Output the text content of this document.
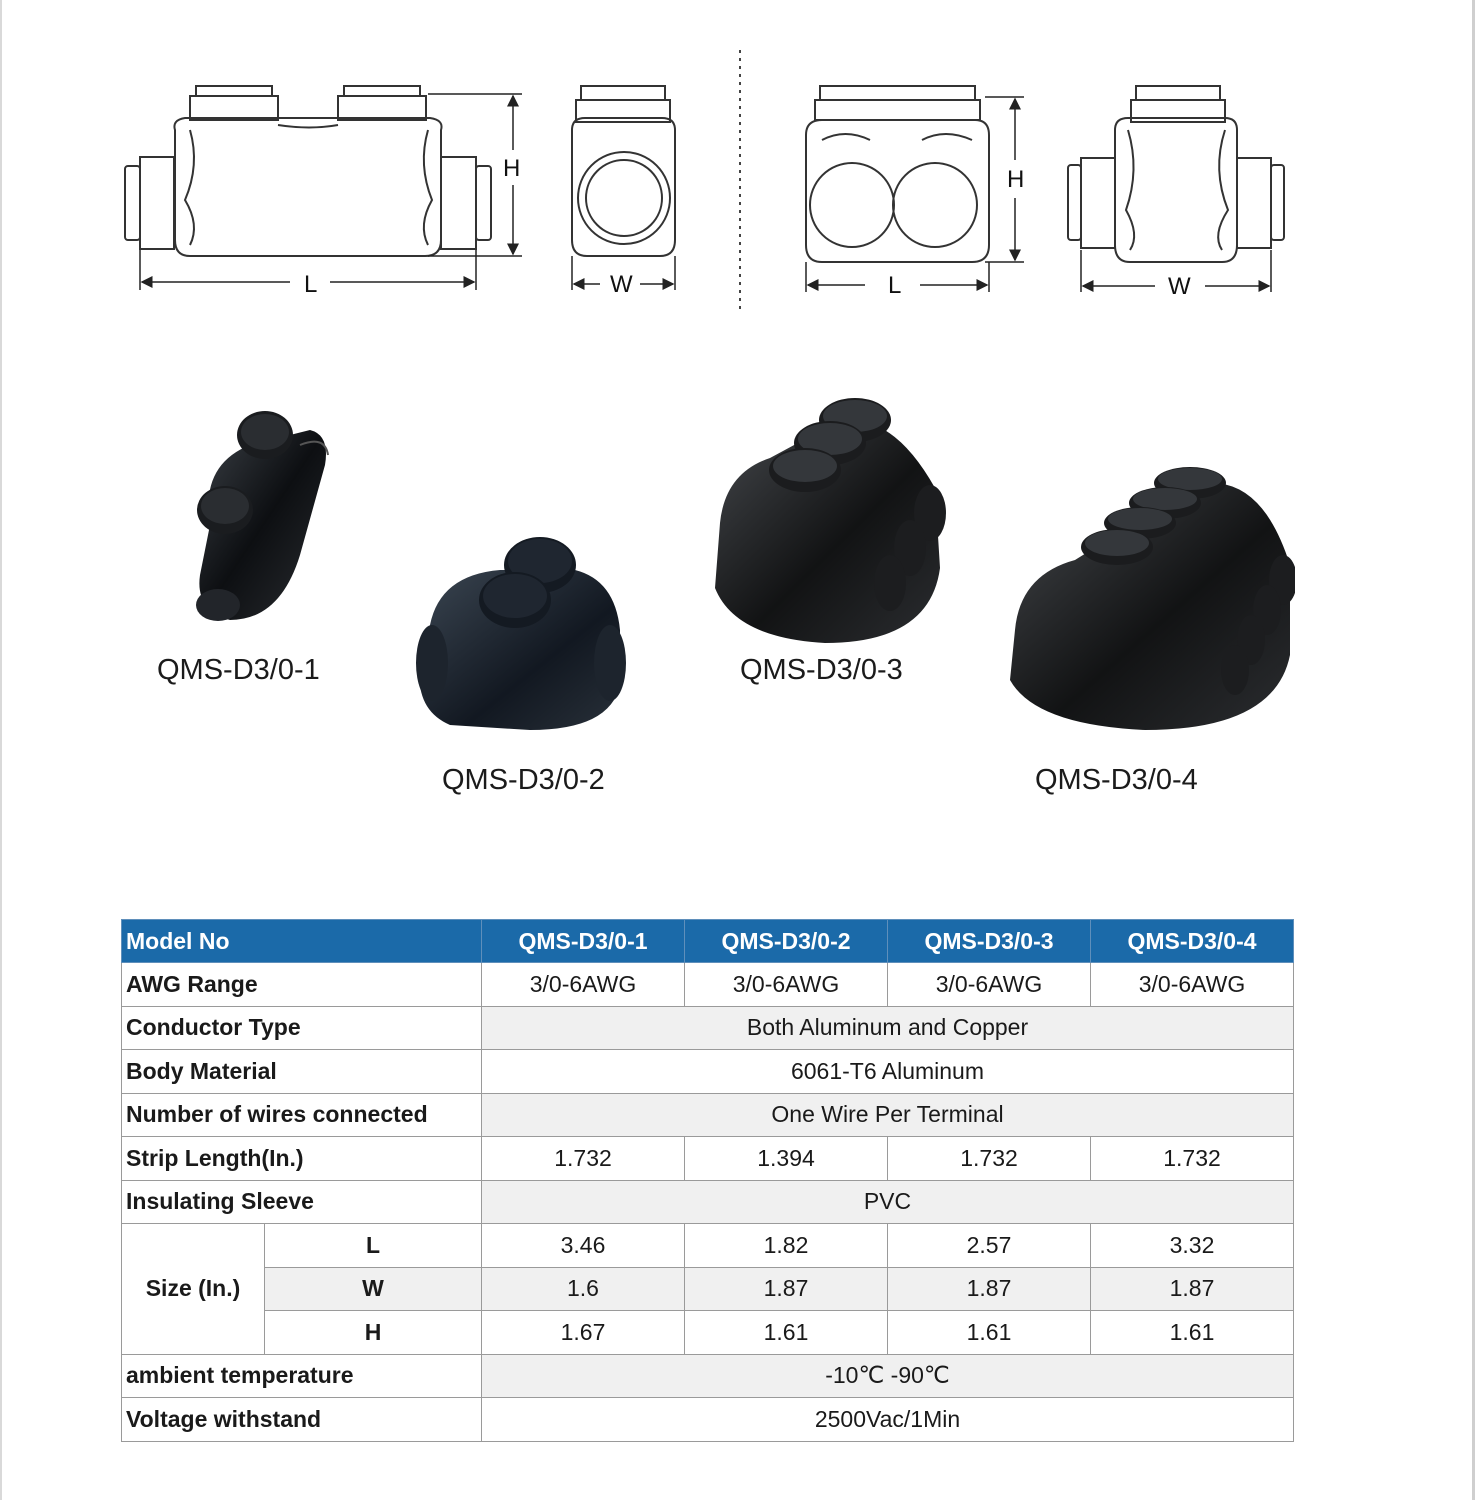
L
H
W	L
H
W
QMS-D3/0-1
QMS-D3/0-2
QMS-D3/0-3
QMS-D3/0-4
Model No		QMS-D3/0-1	QMS-D3/0-2	QMS-D3/0-3	QMS-D3/0-4
AWG Range		3/0-6AWG	3/0-6AWG	3/0-6AWG	3/0-6AWG
Conductor Type		Both Aluminum and Copper			
Body Material		6061-T6 Aluminum			
Number of wires connected		One Wire Per Terminal			
Strip Length(In.)		1.732	1.394	1.732	1.732
Insulating Sleeve		PVC			
Size (In.)	L	3.46	1.82	2.57	3.32
	W	1.6	1.87	1.87	1.87
	H	1.67	1.61	1.61	1.61
ambient temperature		-10℃ -90℃			
Voltage withstand		2500Vac/1Min			
